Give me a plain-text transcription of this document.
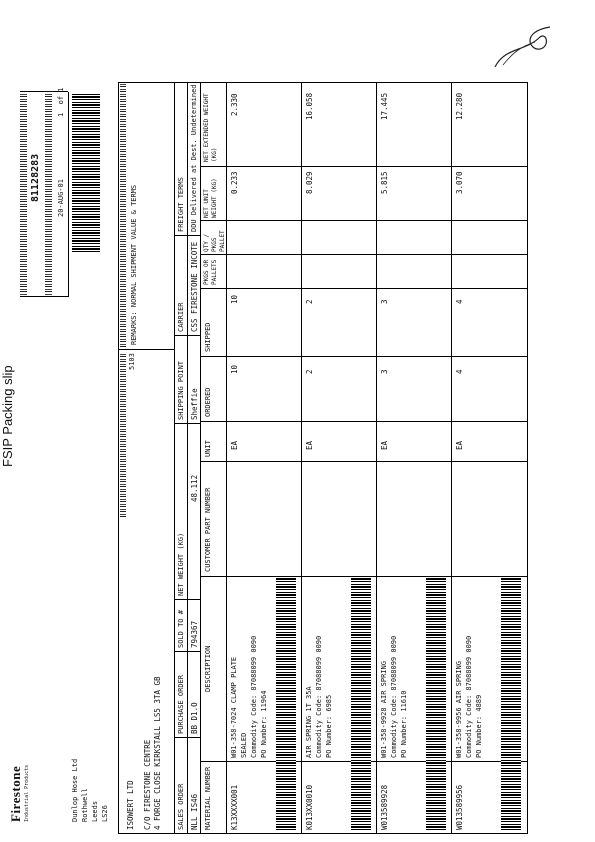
Firestone Industrial Products	Dunlop Hose Ltd Rothwell Leeds LS26
FSIP Packing slip
81128283 20-AUG-01
1  of 1
5103
ISOWERT LTD C/O FIRESTONE CENTRE 4 FORGE CLOSE KIRKSTALL LS5 3TA GB
REMARKS: NORMAL SHIPMENT VALUE & TERMS
SALES ORDER
PURCHASE ORDER
SOLD TO #
NET WEIGHT (KG)
SHIPPING POINT
CARRIER
FREIGHT TERMS
NLL IS46
BB D1.O
794367
48.112
Sheffie
CSS FIRESTONE INCOTE
DDU Delivered at Dest. Undetermined
MATERIAL NUMBER
DESCRIPTION
CUSTOMER PART NUMBER
UNIT
ORDERED
SHIPPED
PKGS OR PALLETS
QTY / PKGS PALLET
NET UNIT WEIGHT (KG)
NET EXTENDED WEIGHT (KG)
K13XXXX001
W01-358-7024 CLAMP PLATE SEALED Commodity Code: 87088099 0090 PO Number: 11964
EA
10
10
0.233
2.330
K013XX0010
AIR SPRING 1T 35A Commodity Code: 87088099 0090 PO Number: 6985
EA
2
2
8.029
16.058
W013589928
W01-358-9928 AIR SPRING Commodity Code: 87088099 0090 PO Number: 11610
EA
3
3
5.815
17.445
W013589956
W01-358-9956 AIR SPRING Commodity Code: 87088099 0090 PO Number: 4889
EA
4
4
3.070
12.280
